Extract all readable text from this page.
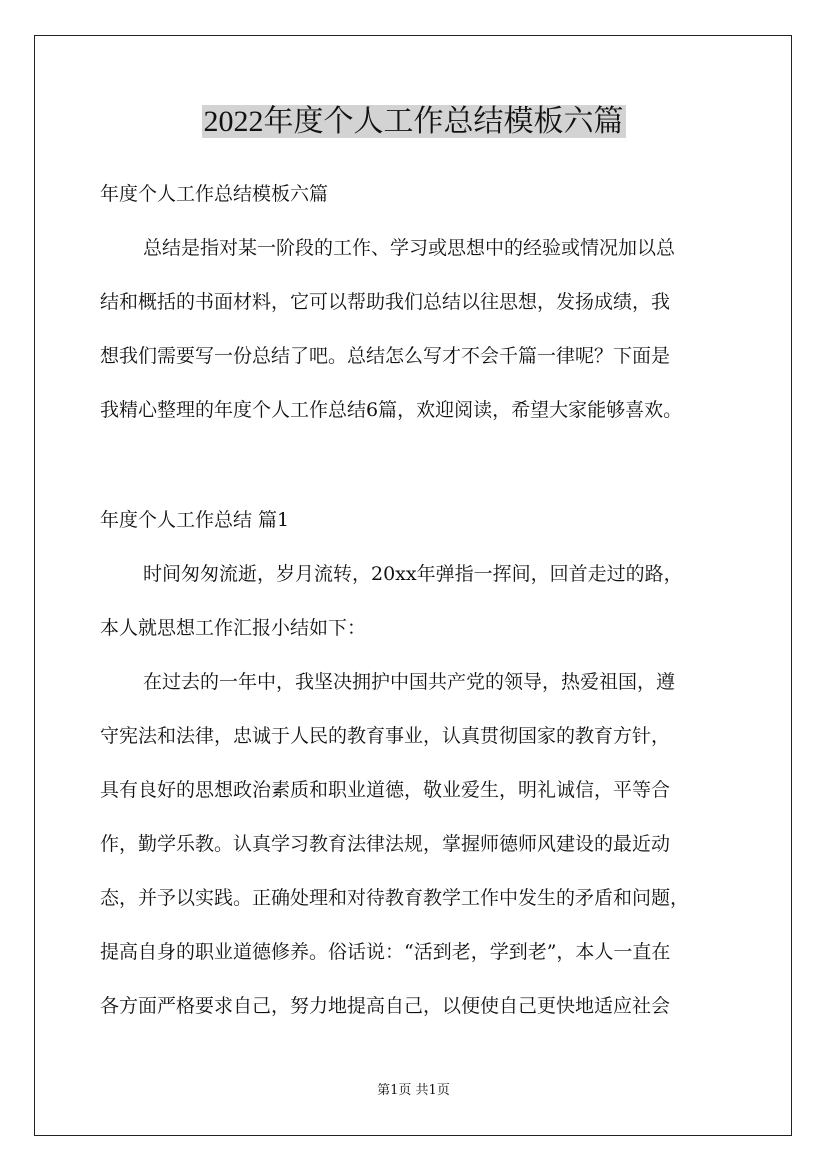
2022年度个人工作总结模板六篇
年度个人工作总结模板六篇
总结是指对某一阶段的工作、学习或思想中的经验或情况加以总
结和概括的书面材料，它可以帮助我们总结以往思想，发扬成绩，我
想我们需要写一份总结了吧。总结怎么写才不会千篇一律呢？下面是
我精心整理的年度个人工作总结6篇，欢迎阅读，希望大家能够喜欢。
年度个人工作总结 篇1
时间匆匆流逝，岁月流转，20xx年弹指一挥间，回首走过的路，
本人就思想工作汇报小结如下：
在过去的一年中，我坚决拥护中国共产党的领导，热爱祖国，遵
守宪法和法律，忠诚于人民的教育事业，认真贯彻国家的教育方针，
具有良好的思想政治素质和职业道德，敬业爱生，明礼诚信，平等合
作，勤学乐教。认真学习教育法律法规，掌握师德师风建设的最近动
态，并予以实践。正确处理和对待教育教学工作中发生的矛盾和问题，
提高自身的职业道德修养。俗话说：“活到老，学到老”，本人一直在
各方面严格要求自己，努力地提高自己，以便使自己更快地适应社会
第1页 共1页
